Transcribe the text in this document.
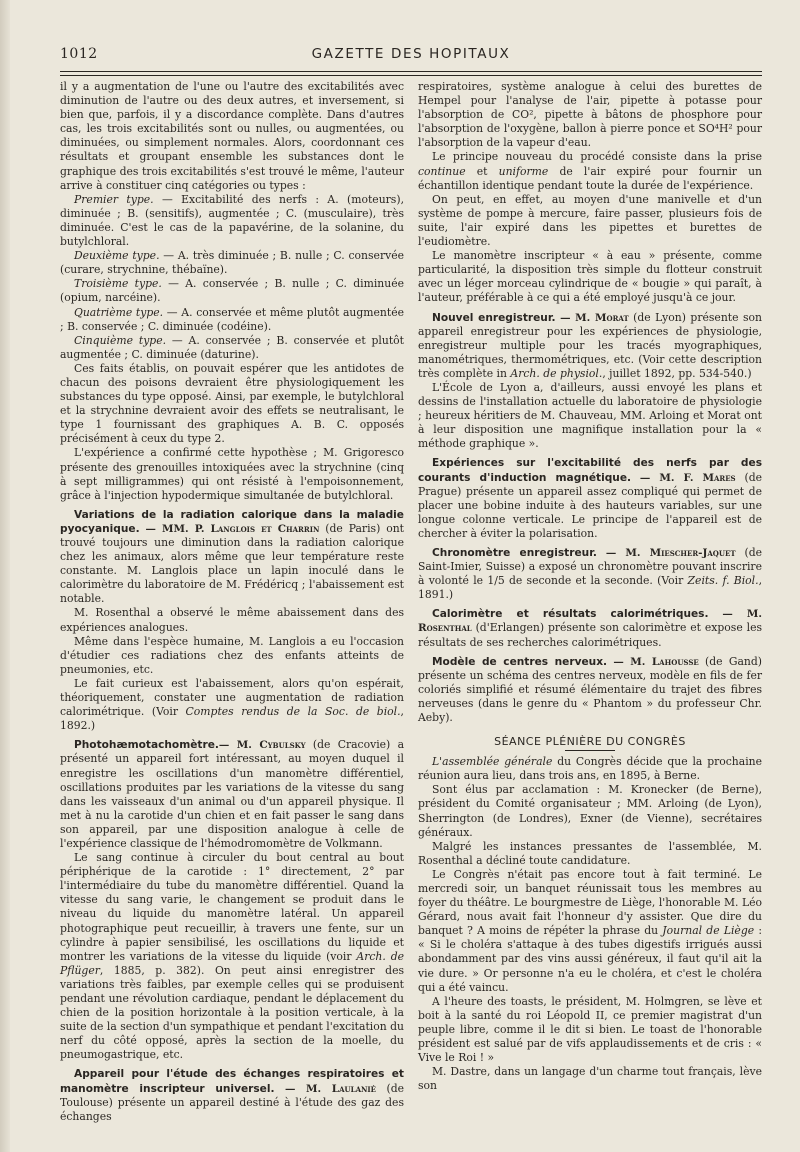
1012	GAZETTE DES HOPITAUX

il y a augmentation de l'une ou l'autre des excitabilités avec diminution de l'autre ou des deux autres, et inversement, si bien que, parfois, il y a discordance complète. Dans d'autres cas, les trois excitabilités sont ou nulles, ou augmentées, ou diminuées, ou simplement normales. Alors, coordonnant ces résultats et groupant ensemble les substances dont le graphique des trois excitabilités s'est trouvé le même, l'auteur arrive à constituer cinq catégories ou types :

Premier type. — Excitabilité des nerfs : A. (moteurs), diminuée ; B. (sensitifs), augmentée ; C. (musculaire), très diminuée. C'est le cas de la papavérine, de la solanine, du butylchloral.

Deuxième type. — A. très diminuée ; B. nulle ; C. conservée (curare, strychnine, thébaïne).

Troisième type. — A. conservée ; B. nulle ; C. diminuée (opium, narcéine).

Quatrième type. — A. conservée et même plutôt augmentée ; B. conservée ; C. diminuée (codéine).

Cinquième type. — A. conservée ; B. conservée et plutôt augmentée ; C. diminuée (daturine).

Ces faits établis, on pouvait espérer que les antidotes de chacun des poisons devraient être physiologiquement les substances du type opposé. Ainsi, par exemple, le butylchloral et la strychnine devraient avoir des effets se neutralisant, le type 1 fournissant des graphiques A. B. C. opposés précisément à ceux du type 2.

L'expérience a confirmé cette hypothèse ; M. Grigoresco présente des grenouilles intoxiquées avec la strychnine (cinq à sept milligrammes) qui ont résisté à l'empoisonnement, grâce à l'injection hypodermique simultanée de butylchloral.

Variations de la radiation calorique dans la maladie pyocyanique. — MM. P. Langlois et Charrin (de Paris) ont trouvé toujours une diminution dans la radiation calorique chez les animaux, alors même que leur température reste constante. M. Langlois place un lapin inoculé dans le calorimètre du laboratoire de M. Frédéricq ; l'abaissement est notable.

M. Rosenthal a observé le même abaissement dans des expériences analogues.

Même dans l'espèce humaine, M. Langlois a eu l'occasion d'étudier ces radiations chez des enfants atteints de pneumonies, etc.

Le fait curieux est l'abaissement, alors qu'on espérait, théoriquement, constater une augmentation de radiation calorimétrique. (Voir Comptes rendus de la Soc. de biol., 1892.)

Photohæmotachomètre.— M. Cybulsky (de Cracovie) a présenté un appareil fort intéressant, au moyen duquel il enregistre les oscillations d'un manomètre différentiel, oscillations produites par les variations de la vitesse du sang dans les vaisseaux d'un animal ou d'un appareil physique. Il met à nu la carotide d'un chien et en fait passer le sang dans son appareil, par une disposition analogue à celle de l'expérience classique de l'hémodromomètre de Volkmann.

Le sang continue à circuler du bout central au bout périphérique de la carotide : 1° directement, 2° par l'intermédiaire du tube du manomètre différentiel. Quand la vitesse du sang varie, le changement se produit dans le niveau du liquide du manomètre latéral. Un appareil photographique peut recueillir, à travers une fente, sur un cylindre à papier sensibilisé, les oscillations du liquide et montrer les variations de la vitesse du liquide (voir Arch. de Pflüger, 1885, p. 382). On peut ainsi enregistrer des variations très faibles, par exemple celles qui se produisent pendant une révolution cardiaque, pendant le déplacement du chien de la position horizontale à la position verticale, à la suite de la section d'un sympathique et pendant l'excitation du nerf du côté opposé, après la section de la moelle, du pneumogastrique, etc.

Appareil pour l'étude des échanges respiratoires et manomètre inscripteur universel. — M. Laulanié (de Toulouse) présente un appareil destiné à l'étude des gaz des échanges

respiratoires, système analogue à celui des burettes de Hempel pour l'analyse de l'air, pipette à potasse pour l'absorption de CO², pipette à bâtons de phosphore pour l'absorption de l'oxygène, ballon à pierre ponce et SO⁴H² pour l'absorption de la vapeur d'eau.

Le principe nouveau du procédé consiste dans la prise continue et uniforme de l'air expiré pour fournir un échantillon identique pendant toute la durée de l'expérience.

On peut, en effet, au moyen d'une manivelle et d'un système de pompe à mercure, faire passer, plusieurs fois de suite, l'air expiré dans les pipettes et burettes de l'eudiomètre.

Le manomètre inscripteur « à eau » présente, comme particularité, la disposition très simple du flotteur construit avec un léger morceau cylindrique de « bougie » qui paraît, à l'auteur, préférable à ce qui a été employé jusqu'à ce jour.

Nouvel enregistreur. — M. Morat (de Lyon) présente son appareil enregistreur pour les expériences de physiologie, enregistreur multiple pour les tracés myographiques, manométriques, thermométriques, etc. (Voir cette description très complète in Arch. de physiol., juillet 1892, pp. 534-540.)

L'École de Lyon a, d'ailleurs, aussi envoyé les plans et dessins de l'installation actuelle du laboratoire de physiologie ; heureux héritiers de M. Chauveau, MM. Arloing et Morat ont à leur disposition une magnifique installation pour la « méthode graphique ».

Expériences sur l'excitabilité des nerfs par des courants d'induction magnétique. — M. F. Mares (de Prague) présente un appareil assez compliqué qui permet de placer une bobine induite à des hauteurs variables, sur une longue colonne verticale. Le principe de l'appareil est de chercher à éviter la polarisation.

Chronomètre enregistreur. — M. Miescher-Jaquet (de Saint-Imier, Suisse) a exposé un chronomètre pouvant inscrire à volonté le 1/5 de seconde et la seconde. (Voir Zeits. f. Biol., 1891.)

Calorimètre et résultats calorimétriques. — M. Rosenthal (d'Erlangen) présente son calorimètre et expose les résultats de ses recherches calorimétriques.

Modèle de centres nerveux. — M. Lahousse (de Gand) présente un schéma des centres nerveux, modèle en fils de fer coloriés simplifié et résumé élémentaire du trajet des fibres nerveuses (dans le genre du « Phantom » du professeur Chr. Aeby).

SÉANCE PLÉNIÈRE DU CONGRÈS

L'assemblée générale du Congrès décide que la prochaine réunion aura lieu, dans trois ans, en 1895, à Berne.

Sont élus par acclamation : M. Kronecker (de Berne), président du Comité organisateur ; MM. Arloing (de Lyon), Sherrington (de Londres), Exner (de Vienne), secrétaires généraux.

Malgré les instances pressantes de l'assemblée, M. Rosenthal a décliné toute candidature.

Le Congrès n'était pas encore tout à fait terminé. Le mercredi soir, un banquet réunissait tous les membres au foyer du théâtre. Le bourgmestre de Liège, l'honorable M. Léo Gérard, nous avait fait l'honneur d'y assister. Que dire du banquet ? A moins de répéter la phrase du Journal de Liège : « Si le choléra s'attaque à des tubes digestifs irrigués aussi abondamment par des vins aussi généreux, il faut qu'il ait la vie dure. » Or personne n'a eu le choléra, et c'est le choléra qui a été vaincu.

A l'heure des toasts, le président, M. Holmgren, se lève et boit à la santé du roi Léopold II, ce premier magistrat d'un peuple libre, comme il le dit si bien. Le toast de l'honorable président est salué par de vifs applaudissements et de cris : « Vive le Roi ! »

M. Dastre, dans un langage d'un charme tout français, lève son
